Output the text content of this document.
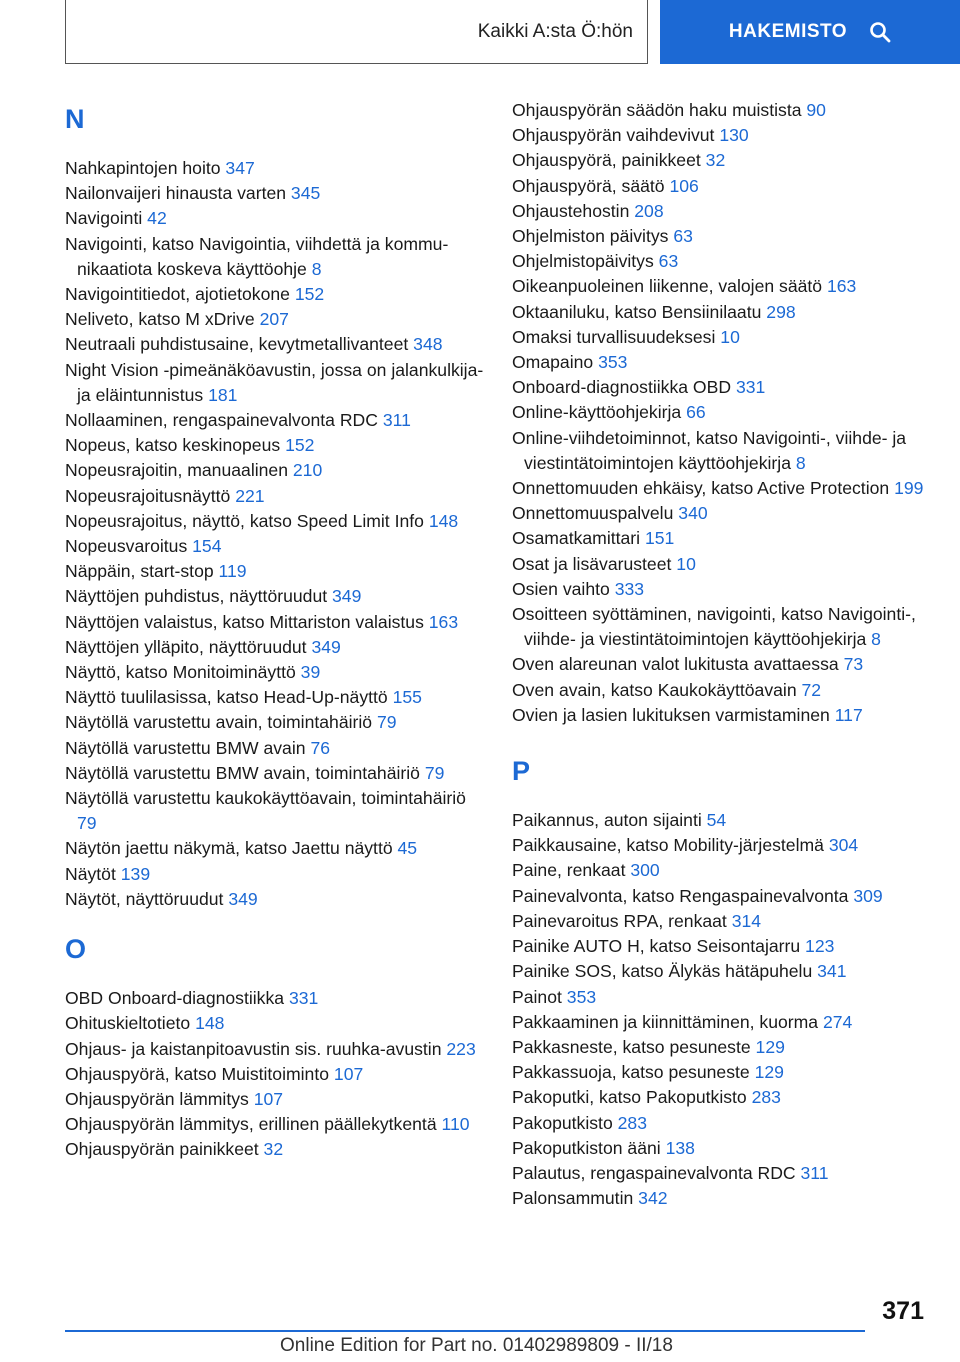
Kaikki A:sta Ö:hön	HAKEMISTO
N
Nahkapintojen hoito 347
Nailonvaijeri hinausta varten 345
Navigointi 42
Navigointi, katso Navigointia, viihdettä ja kommunikaatiota koskeva käyttöohje 8
Navigointitiedot, ajotietokone 152
Neliveto, katso M xDrive 207
Neutraali puhdistusaine, kevytmetallivanteet 348
Night Vision -pimeänäköavustin, jossa on jalankulkija- ja eläintunnistus 181
Nollaaminen, rengaspainevalvonta RDC 311
Nopeus, katso keskinopeus 152
Nopeusrajoitin, manuaalinen 210
Nopeusrajoitusnäyttö 221
Nopeusrajoitus, näyttö, katso Speed Limit Info 148
Nopeusvaroitus 154
Näppäin, start-stop 119
Näyttöjen puhdistus, näyttöruudut 349
Näyttöjen valaistus, katso Mittariston valaistus 163
Näyttöjen ylläpito, näyttöruudut 349
Näyttö, katso Monitoiminäyttö 39
Näyttö tuulilasissa, katso Head-Up-näyttö 155
Näytöllä varustettu avain, toimintahäiriö 79
Näytöllä varustettu BMW avain 76
Näytöllä varustettu BMW avain, toimintahäiriö 79
Näytöllä varustettu kaukokäyttöavain, toimintahäiriö 79
Näytön jaettu näkymä, katso Jaettu näyttö 45
Näytöt 139
Näytöt, näyttöruudut 349
O
OBD Onboard-diagnostiikka 331
Ohituskieltotieto 148
Ohjaus- ja kaistanpitoavustin sis. ruuhka-avustin 223
Ohjauspyörä, katso Muistitoiminto 107
Ohjauspyörän lämmitys 107
Ohjauspyörän lämmitys, erillinen päällekytkentä 110
Ohjauspyörän painikkeet 32
Ohjauspyörän säädön haku muistista 90
Ohjauspyörän vaihdevivut 130
Ohjauspyörä, painikkeet 32
Ohjauspyörä, säätö 106
Ohjaustehostin 208
Ohjelmiston päivitys 63
Ohjelmistopäivitys 63
Oikeanpuoleinen liikenne, valojen säätö 163
Oktaaniluku, katso Bensiinilaatu 298
Omaksi turvallisuudeksesi 10
Omapaino 353
Onboard-diagnostiikka OBD 331
Online-käyttöohjekirja 66
Online-viihdetoiminnot, katso Navigointi-, viihde- ja viestintätoimintojen käyttöohjekirja 8
Onnettomuuden ehkäisy, katso Active Protection 199
Onnettomuuspalvelu 340
Osamatkamittari 151
Osat ja lisävarusteet 10
Osien vaihto 333
Osoitteen syöttäminen, navigointi, katso Navigointi-, viihde- ja viestintätoimintojen käyttöohjekirja 8
Oven alareunan valot lukitusta avattaessa 73
Oven avain, katso Kaukokäyttöavain 72
Ovien ja lasien lukituksen varmistaminen 117
P
Paikannus, auton sijainti 54
Paikkausaine, katso Mobility-järjestelmä 304
Paine, renkaat 300
Painevalvonta, katso Rengaspainevalvonta 309
Painevaroitus RPA, renkaat 314
Painike AUTO H, katso Seisontajarru 123
Painike SOS, katso Älykäs hätäpuhelu 341
Painot 353
Pakkaaminen ja kiinnittäminen, kuorma 274
Pakkasneste, katso pesuneste 129
Pakkassuoja, katso pesuneste 129
Pakoputki, katso Pakoputkisto 283
Pakoputkisto 283
Pakoputkiston ääni 138
Palautus, rengaspainevalvonta RDC 311
Palonsammutin 342
371
Online Edition for Part no. 01402989809 - II/18
